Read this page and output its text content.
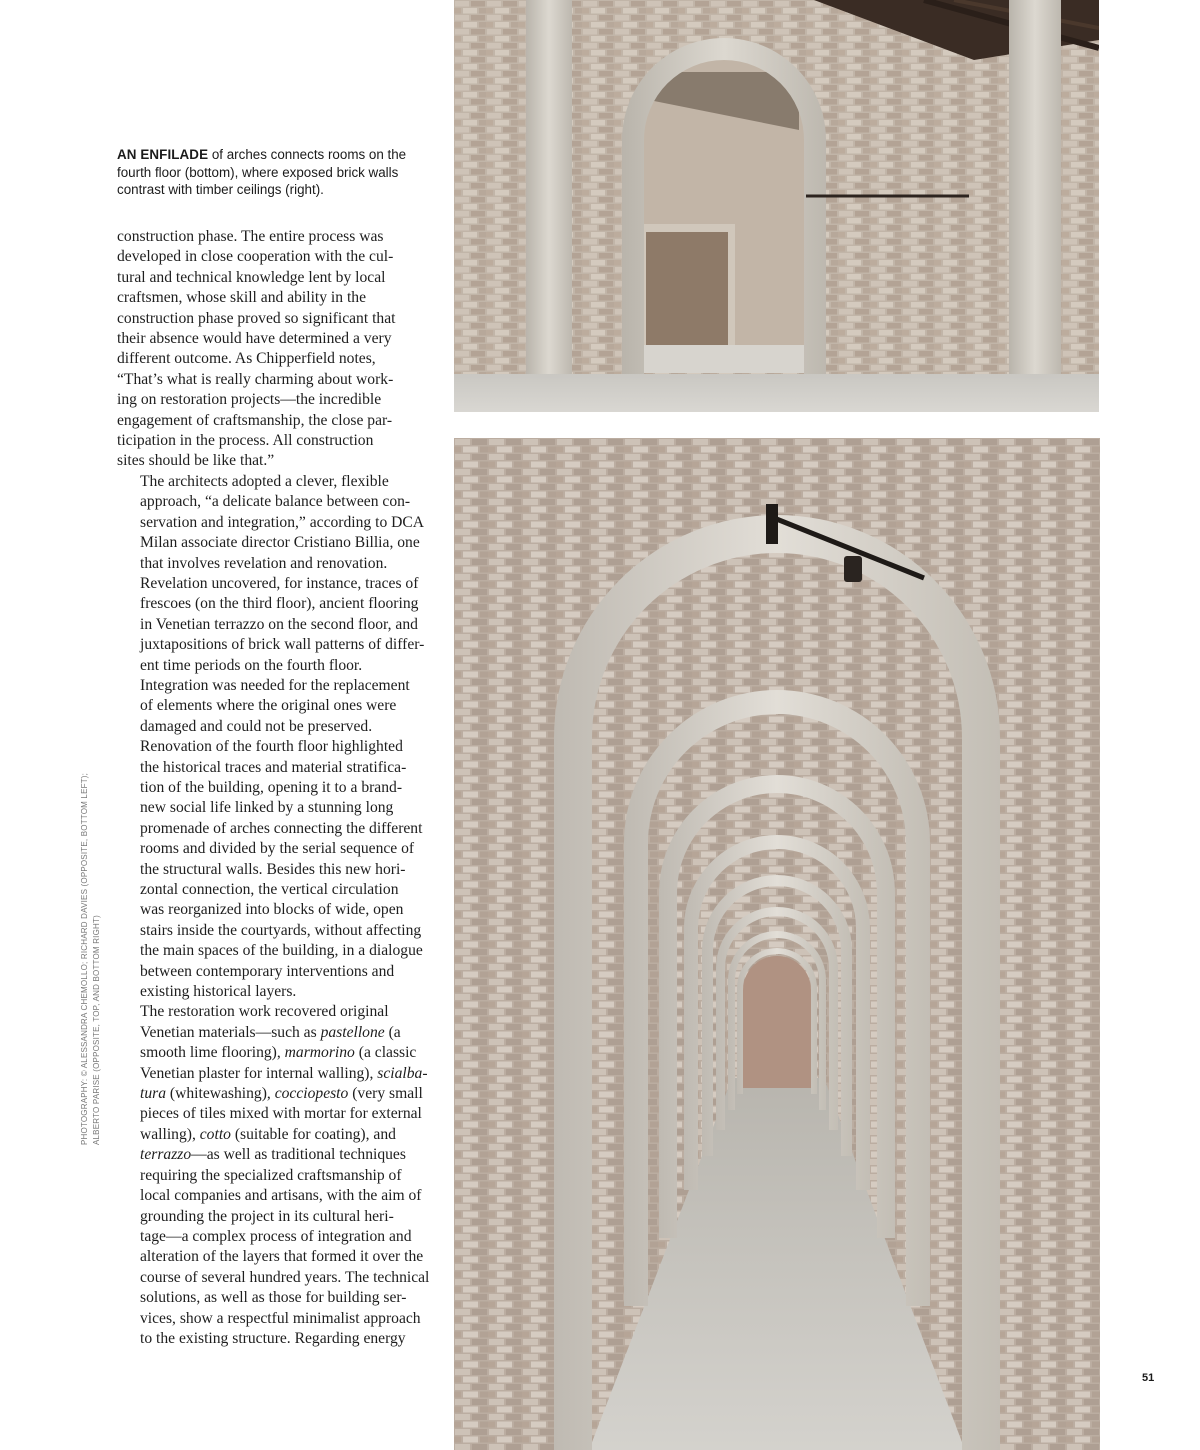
AN ENFILADE of arches connects rooms on the fourth floor (bottom), where exposed brick walls contrast with timber ceilings (right).

construction phase. The entire process was
developed in close cooperation with the cul-
tural and technical knowledge lent by local
craftsmen, whose skill and ability in the
construction phase proved so significant that
their absence would have determined a very
different outcome. As Chipperfield notes,
“That’s what is really charming about work-
ing on restoration projects—the incredible
engagement of craftsmanship, the close par-
ticipation in the process. All construction
sites should be like that.”

The architects adopted a clever, flexible
approach, “a delicate balance between con-
servation and integration,” according to DCA
Milan associate director Cristiano Billia, one
that involves revelation and renovation.
Revelation uncovered, for instance, traces of
frescoes (on the third floor), ancient flooring
in Venetian terrazzo on the second floor, and
juxtapositions of brick wall patterns of differ-
ent time periods on the fourth floor.
Integration was needed for the replacement
of elements where the original ones were
damaged and could not be preserved.
Renovation of the fourth floor highlighted
the historical traces and material stratifica-
tion of the building, opening it to a brand-
new social life linked by a stunning long
promenade of arches connecting the different
rooms and divided by the serial sequence of
the structural walls. Besides this new hori-
zontal connection, the vertical circulation
was reorganized into blocks of wide, open
stairs inside the courtyards, without affecting
the main spaces of the building, in a dialogue
between contemporary interventions and
existing historical layers.

The restoration work recovered original
Venetian materials—such as pastellone (a
smooth lime flooring), marmorino (a classic
Venetian plaster for internal walling), scialba-
tura (whitewashing), cocciopesto (very small
pieces of tiles mixed with mortar for external
walling), cotto (suitable for coating), and
terrazzo—as well as traditional techniques
requiring the specialized craftsmanship of
local companies and artisans, with the aim of
grounding the project in its cultural heri-
tage—a complex process of integration and
alteration of the layers that formed it over the
course of several hundred years. The technical
solutions, as well as those for building ser-
vices, show a respectful minimalist approach
to the existing structure. Regarding energy

PHOTOGRAPHY: © ALESSANDRA CHEMOLLO; RICHARD DAVIES (OPPOSITE, BOTTOM LEFT); ALBERTO PARISE (OPPOSITE, TOP, AND BOTTOM RIGHT)
51
